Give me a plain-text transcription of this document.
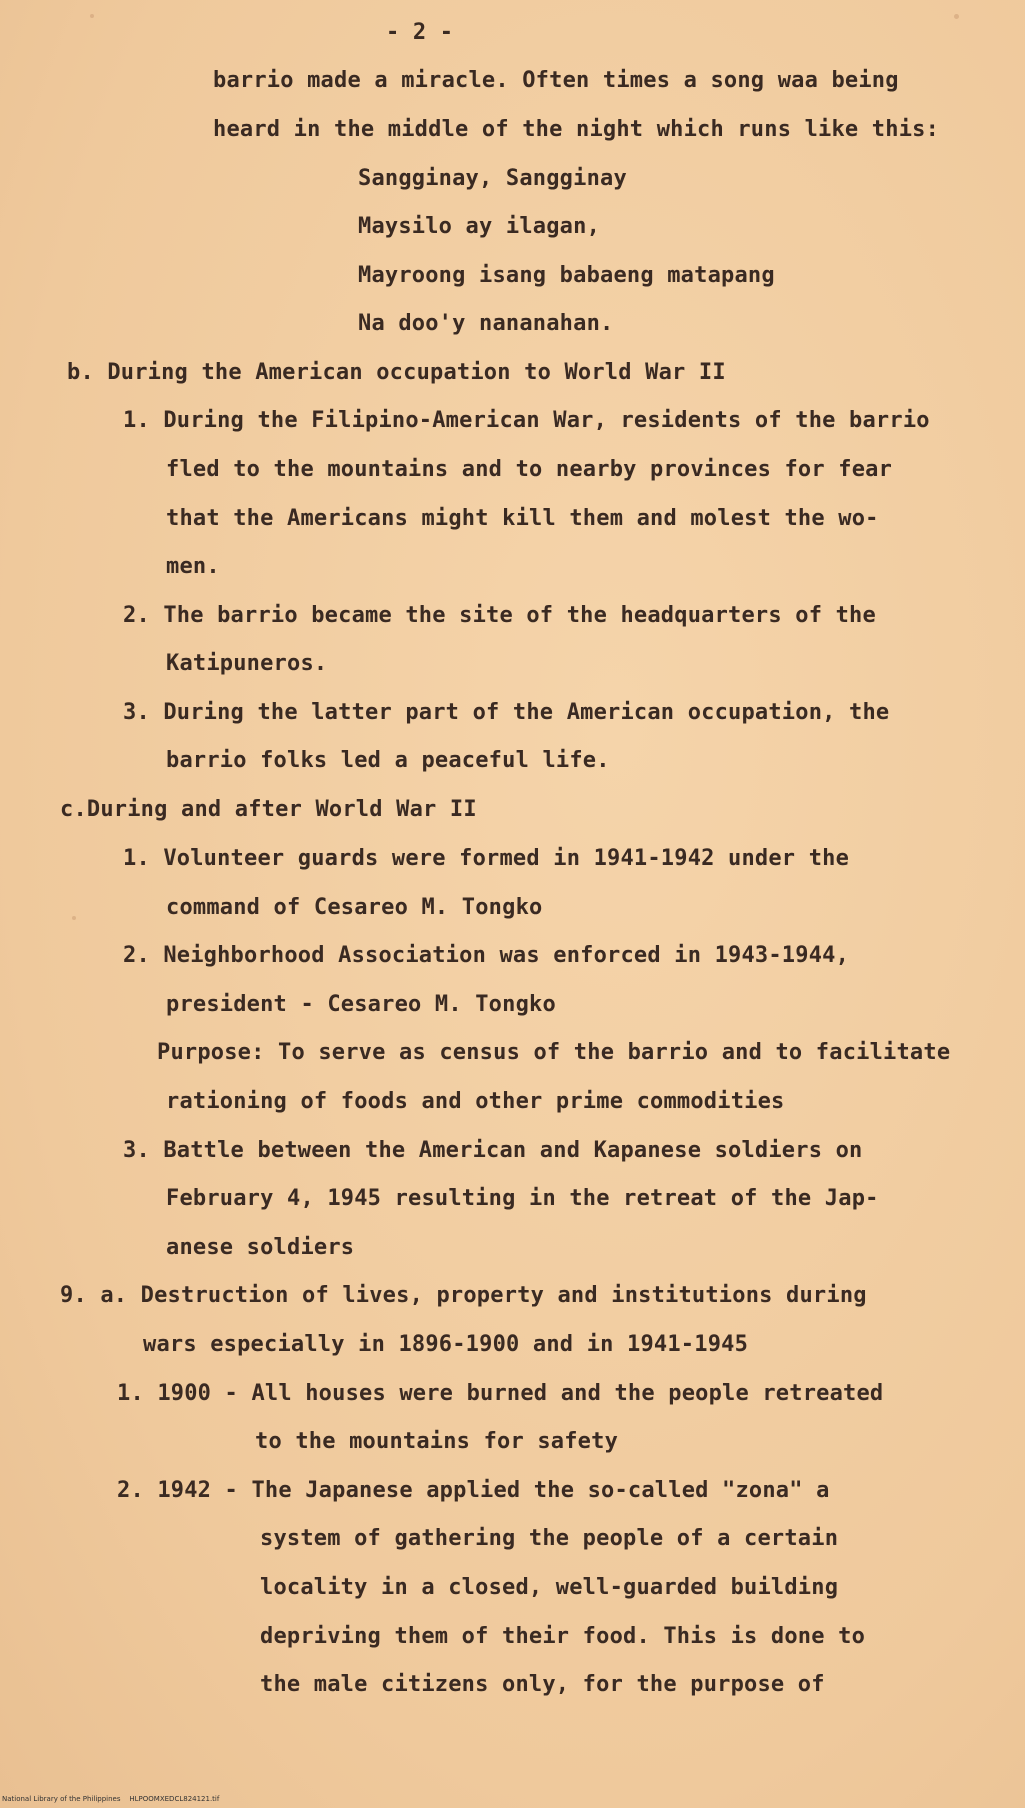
- 2 -
barrio made a miracle. Often times a song waa being
heard in the middle of the night which runs like this:
Sangginay, Sangginay
Maysilo ay ilagan,
Mayroong isang babaeng matapang
Na doo'y nananahan.
b. During the American occupation to World War II
1. During the Filipino-American War, residents of the barrio
fled to the mountains and to nearby provinces for fear
that the Americans might kill them and molest the wo-
men.
2. The barrio became the site of the headquarters of the
Katipuneros.
3. During the latter part of the American occupation, the
barrio folks led a peaceful life.
c.During and after World War II
1. Volunteer guards were formed in 1941-1942 under the
command of Cesareo M. Tongko
2. Neighborhood Association was enforced in 1943-1944,
president - Cesareo M. Tongko
Purpose: To serve as census of the barrio and to facilitate
rationing of foods and other prime commodities
3. Battle between the American and Kapanese soldiers on
February 4, 1945 resulting in the retreat of the Jap-
anese soldiers
9. a. Destruction of lives, property and institutions during
wars especially in 1896-1900 and in 1941-1945
1. 1900 - All houses were burned and the people retreated
to the mountains for safety
2. 1942 - The Japanese applied the so-called "zona" a
system of gathering the people of a certain
locality in a closed, well-guarded building
depriving them of their food. This is done to
the male citizens only, for the purpose of
National Library of the Philippines    HLPOOMXEDCL824121.tif
